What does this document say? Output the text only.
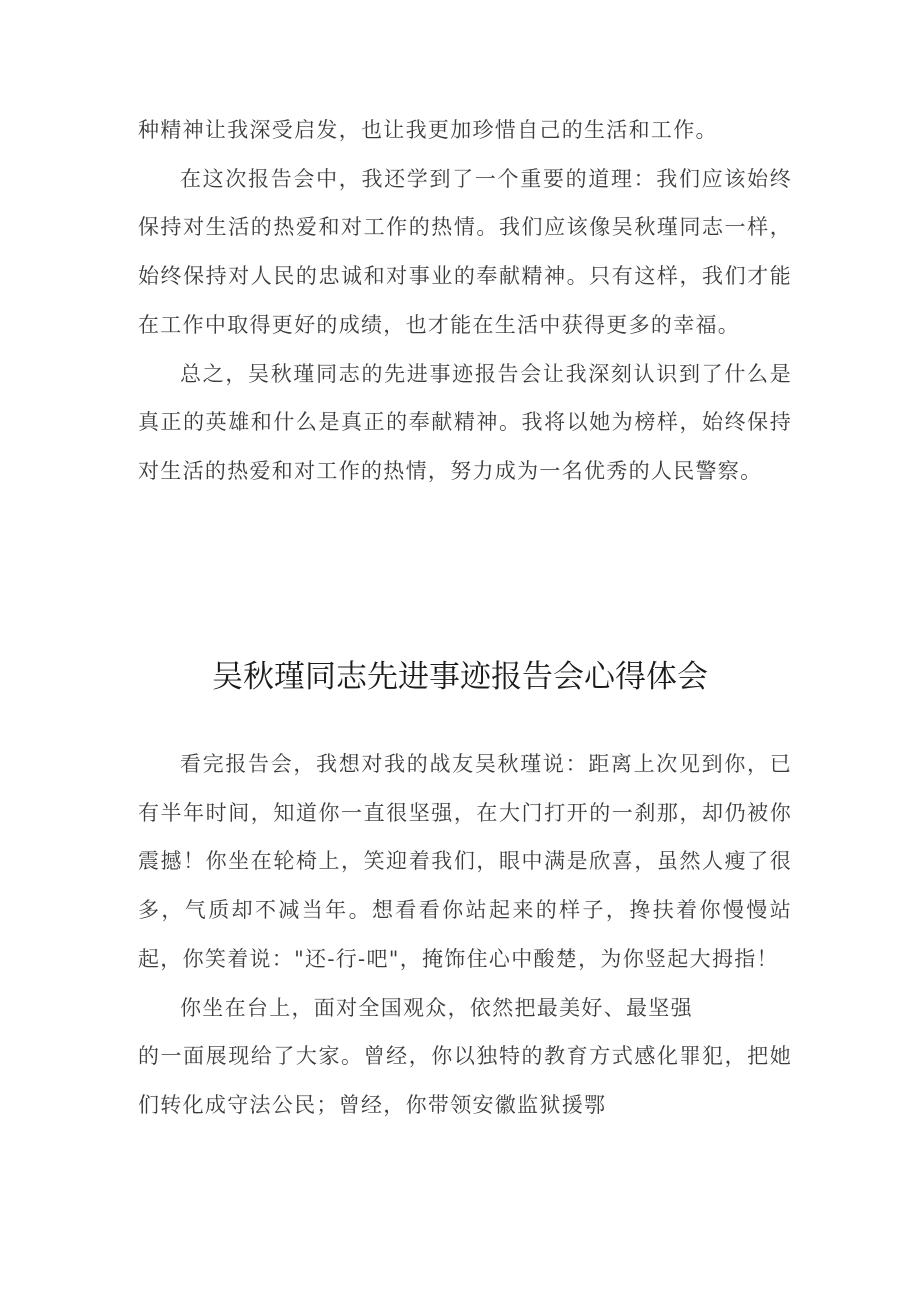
种精神让我深受启发，也让我更加珍惜自己的生活和工作。

在这次报告会中，我还学到了一个重要的道理：我们应该始终保持对生活的热爱和对工作的热情。我们应该像吴秋瑾同志一样，始终保持对人民的忠诚和对事业的奉献精神。只有这样，我们才能在工作中取得更好的成绩，也才能在生活中获得更多的幸福。

总之，吴秋瑾同志的先进事迹报告会让我深刻认识到了什么是真正的英雄和什么是真正的奉献精神。我将以她为榜样，始终保持对生活的热爱和对工作的热情，努力成为一名优秀的人民警察。

吴秋瑾同志先进事迹报告会心得体会

看完报告会，我想对我的战友吴秋瑾说：距离上次见到你，已有半年时间，知道你一直很坚强，在大门打开的一刹那，却仍被你震撼！你坐在轮椅上，笑迎着我们，眼中满是欣喜，虽然人瘦了很多，气质却不减当年。想看看你站起来的样子，搀扶着你慢慢站起，你笑着说："还-行-吧"，掩饰住心中酸楚，为你竖起大拇指！

你坐在台上，面对全国观众，依然把最美好、最坚强

的一面展现给了大家。曾经，你以独特的教育方式感化罪犯，把她们转化成守法公民；曾经，你带领安徽监狱援鄂
